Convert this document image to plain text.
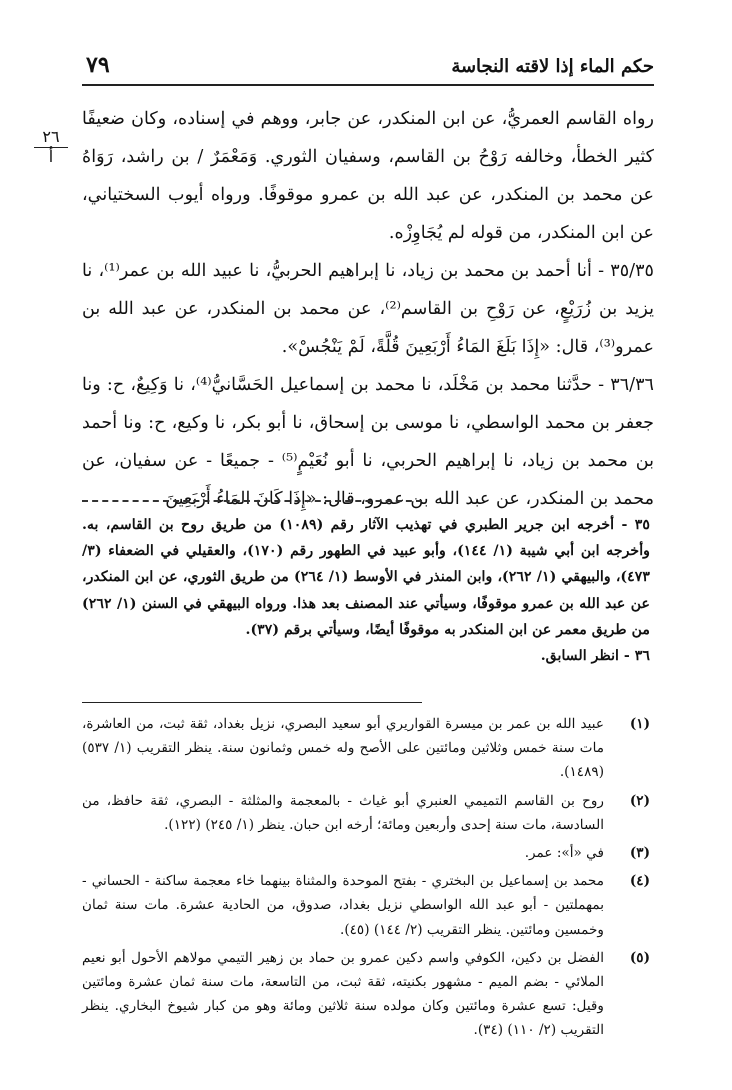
٧٩	حكم الماء إذا لاقته النجاسة
٢٦
أ

رواه القاسم العمريُّ، عن ابن المنكدر، عن جابر، ووهم في إسناده، وكان ضعيفًا كثير الخطأ، وخالفه رَوْحُ بن القاسم، وسفيان الثوري. وَمَعْمَرٌ / بن راشد، رَوَاهُ عن محمد بن المنكدر، عن عبد الله بن عمرو موقوفًا. ورواه أيوب السختياني، عن ابن المنكدر، من قوله لم يُجَاوِزْه.

٣٥/٣٥ - أنا أحمد بن محمد بن زياد، نا إبراهيم الحربيُّ، نا عبيد الله بن عمر⁽¹⁾، نا يزيد بن زُرَيْعٍ، عن رَوْحِ بن القاسم⁽²⁾، عن محمد بن المنكدر، عن عبد الله بن عمرو⁽³⁾، قال: «إِذَا بَلَغَ المَاءُ أَرْبَعِينَ قُلَّةً، لَمْ يَنْجُسْ».

٣٦/٣٦ - حدَّثنا محمد بن مَخْلَد، نا محمد بن إسماعيل الحَسَّانيُّ⁽⁴⁾، نا وَكِيعٌ، ح: ونا جعفر بن محمد الواسطي، نا موسى بن إسحاق، نا أبو بكر، نا وكيع، ح: ونا أحمد بن محمد بن زياد، نا إبراهيم الحربي، نا أبو نُعَيْمٍ⁽⁵⁾ - جميعًا - عن سفيان، عن محمد بن المنكدر، عن عبد الله بن عمرو، قال: «إِذَا كَانَ المَاءُ أَرْبَعِينَ

٣٥ - أخرجه ابن جرير الطبري في تهذيب الآثار رقم (١٠٨٩) من طريق روح بن القاسم، به. وأخرجه ابن أبي شيبة (١/ ١٤٤)، وأبو عبيد في الطهور رقم (١٧٠)، والعقيلي في الضعفاء (٣/ ٤٧٣)، والبيهقي (١/ ٢٦٢)، وابن المنذر في الأوسط (١/ ٢٦٤) من طريق الثوري، عن ابن المنكدر، عن عبد الله بن عمرو موقوفًا، وسيأتي عند المصنف بعد هذا. ورواه البيهقي في السنن (١/ ٢٦٢) من طريق معمر عن ابن المنكدر به موقوفًا أيضًا، وسيأتي برقم (٣٧).

٣٦ - انظر السابق.

(١)
عبيد الله بن عمر بن ميسرة القواريري أبو سعيد البصري، نزيل بغداد، ثقة ثبت، من العاشرة، مات سنة خمس وثلاثين ومائتين على الأصح وله خمس وثمانون سنة. ينظر التقريب (١/ ٥٣٧) (١٤٨٩).
(٢)
روح بن القاسم التميمي العنبري أبو غياث - بالمعجمة والمثلثة - البصري، ثقة حافظ، من السادسة، مات سنة إحدى وأربعين ومائة؛ أرخه ابن حبان. ينظر (١/ ٢٤٥) (١٢٢).
(٣)
في «أ»: عمر.
(٤)
محمد بن إسماعيل بن البختري - بفتح الموحدة والمثناة بينهما خاء معجمة ساكنة - الحساني - بمهملتين - أبو عبد الله الواسطي نزيل بغداد، صدوق، من الحادية عشرة. مات سنة ثمان وخمسين ومائتين. ينظر التقريب (٢/ ١٤٤) (٤٥).
(٥)
الفضل بن دكين، الكوفي واسم دكين عمرو بن حماد بن زهير التيمي مولاهم الأحول أبو نعيم الملائي - بضم الميم - مشهور بكنيته، ثقة ثبت، من التاسعة، مات سنة ثمان عشرة ومائتين وقيل: تسع عشرة ومائتين وكان مولده سنة ثلاثين ومائة وهو من كبار شيوخ البخاري. ينظر التقريب (٢/ ١١٠) (٣٤).
